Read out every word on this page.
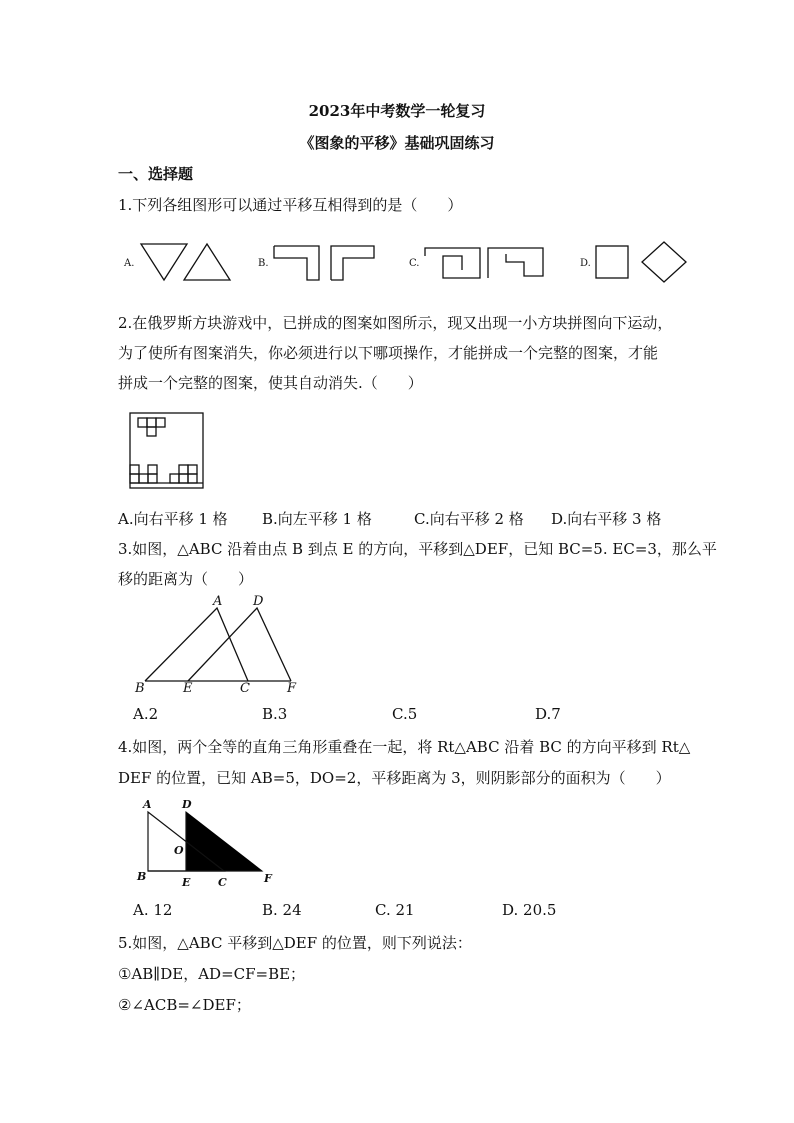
2023年中考数学一轮复习
《图象的平移》基础巩固练习
一、选择题
1.下列各组图形可以通过平移互相得到的是（　　）
A.	B.	C.	D.
2.在俄罗斯方块游戏中，已拼成的图案如图所示，现又出现一小方块拼图向下运动，
为了使所有图案消失，你必须进行以下哪项操作，才能拼成一个完整的图案，才能
拼成一个完整的图案，使其自动消失.（　　）
A.向右平移 1 格 B.向左平移 1 格	C.向右平移 2 格 D.向右平移 3 格
3.如图，△ABC 沿着由点 B 到点 E 的方向，平移到△DEF，已知 BC=5. EC=3，那么平
移的距离为（　　）
A D
B	E	C	F
A.2	B.3	C.5	D.7
4.如图，两个全等的直角三角形重叠在一起，将 Rt△ABC 沿着 BC 的方向平移到 Rt△
DEF 的位置，已知 AB=5，DO=2，平移距离为 3，则阴影部分的面积为（　　）
A	D
O
B	E	C	F
A. 12	B. 24	C. 21	D. 20.5
5.如图，△ABC 平移到△DEF 的位置，则下列说法：
①AB∥DE，AD=CF=BE；
②∠ACB=∠DEF；
